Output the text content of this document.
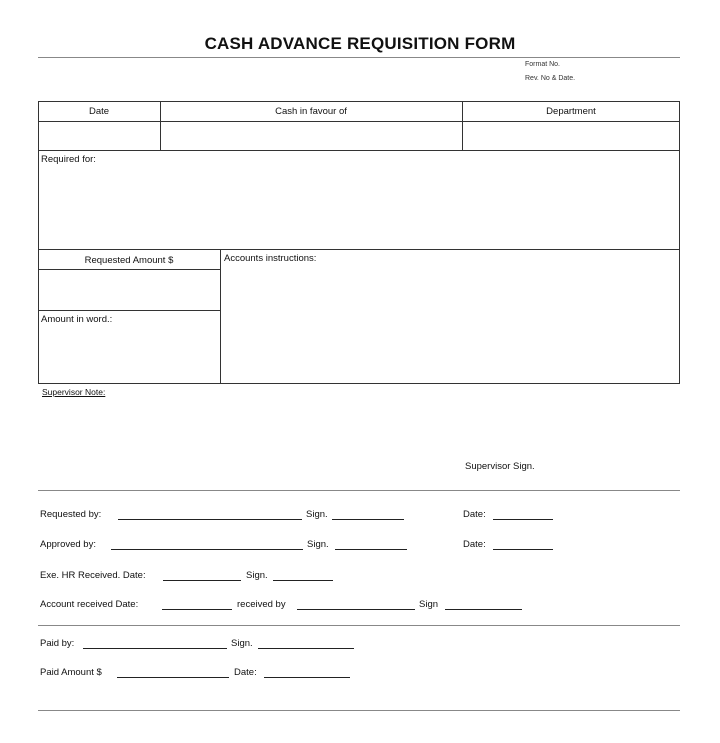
CASH ADVANCE REQUISITION FORM
Format No.
Rev. No & Date.
Date	Cash in favour of	Department
Required for:
Requested Amount $	Accounts instructions:
Amount in word.:
Supervisor Note:
Supervisor Sign.
Requested by:	Sign.	Date:
Approved by:	Sign.	Date:
Exe. HR Received. Date:	Sign.
Account received Date:	received by	Sign
Paid by:	Sign.
Paid Amount $	Date:
